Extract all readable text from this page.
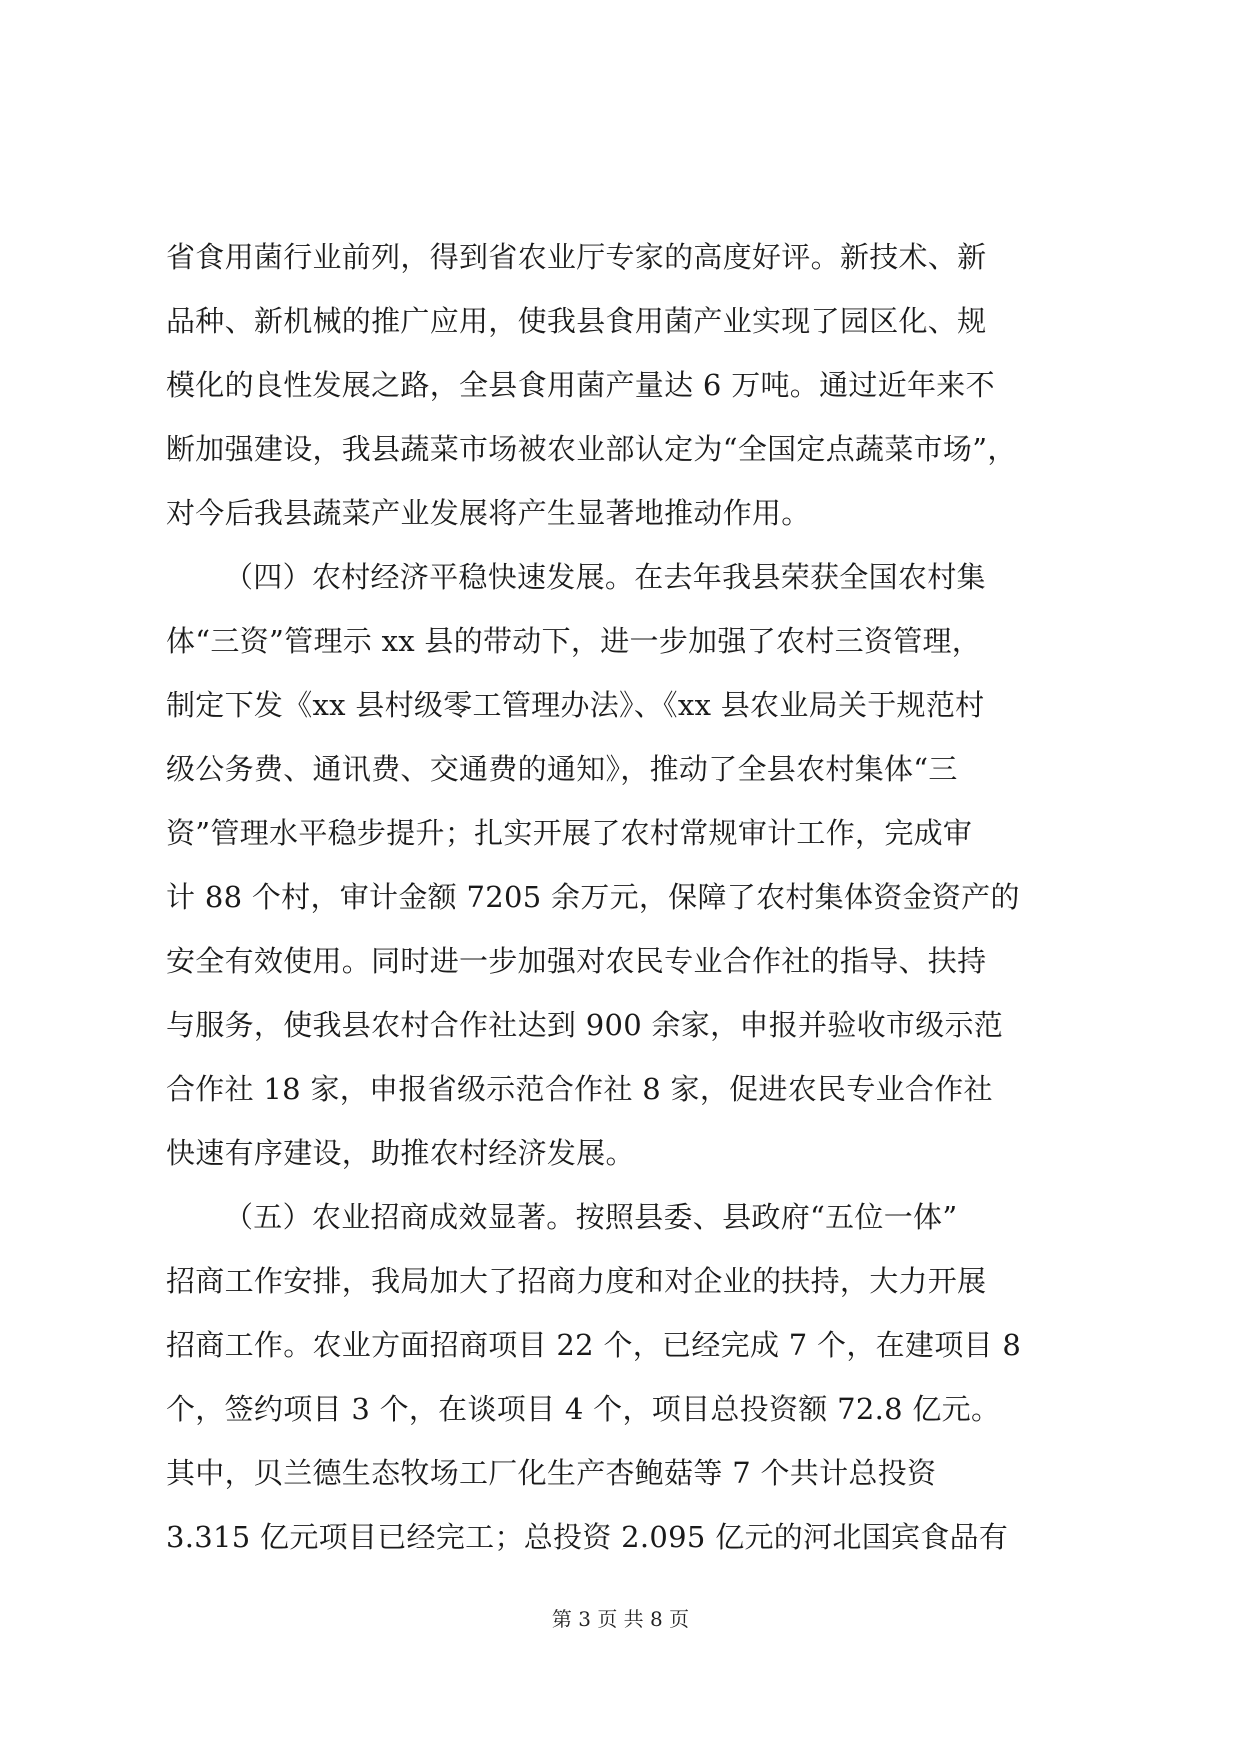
省食用菌行业前列，得到省农业厅专家的高度好评。新技术、新
品种、新机械的推广应用，使我县食用菌产业实现了园区化、规
模化的良性发展之路，全县食用菌产量达 6 万吨。通过近年来不
断加强建设，我县蔬菜市场被农业部认定为“全国定点蔬菜市场”，
对今后我县蔬菜产业发展将产生显著地推动作用。
（四）农村经济平稳快速发展。在去年我县荣获全国农村集
体“三资”管理示 xx 县的带动下，进一步加强了农村三资管理，
制定下发《xx 县村级零工管理办法》、《xx 县农业局关于规范村
级公务费、通讯费、交通费的通知》，推动了全县农村集体“三
资”管理水平稳步提升；扎实开展了农村常规审计工作，完成审
计 88 个村，审计金额 7205 余万元，保障了农村集体资金资产的
安全有效使用。同时进一步加强对农民专业合作社的指导、扶持
与服务，使我县农村合作社达到 900 余家，申报并验收市级示范
合作社 18 家，申报省级示范合作社 8 家，促进农民专业合作社
快速有序建设，助推农村经济发展。
（五）农业招商成效显著。按照县委、县政府“五位一体”
招商工作安排，我局加大了招商力度和对企业的扶持，大力开展
招商工作。农业方面招商项目 22 个，已经完成 7 个，在建项目 8
个，签约项目 3 个，在谈项目 4 个，项目总投资额 72.8 亿元。
其中，贝兰德生态牧场工厂化生产杏鲍菇等 7 个共计总投资
3.315 亿元项目已经完工；总投资 2.095 亿元的河北国宾食品有
第 3 页 共 8 页
